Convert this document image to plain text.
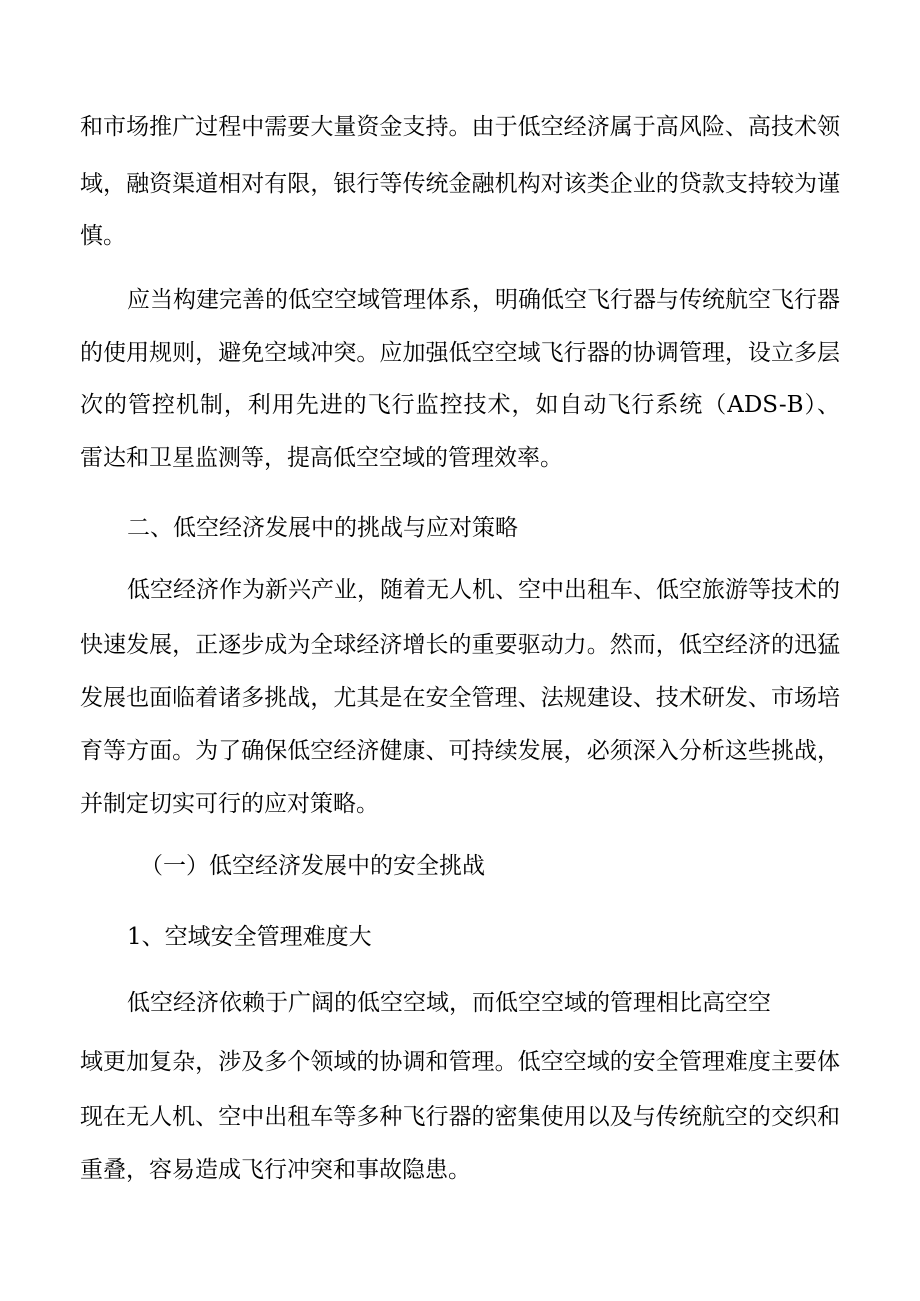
和市场推广过程中需要大量资金支持。由于低空经济属于高风险、高技术领
域，融资渠道相对有限，银行等传统金融机构对该类企业的贷款支持较为谨
慎。
应当构建完善的低空空域管理体系，明确低空飞行器与传统航空飞行器
的使用规则，避免空域冲突。应加强低空空域飞行器的协调管理，设立多层
次的管控机制，利用先进的飞行监控技术，如自动飞行系统（ADS-B）、
雷达和卫星监测等，提高低空空域的管理效率。
二、低空经济发展中的挑战与应对策略
低空经济作为新兴产业，随着无人机、空中出租车、低空旅游等技术的
快速发展，正逐步成为全球经济增长的重要驱动力。然而，低空经济的迅猛
发展也面临着诸多挑战，尤其是在安全管理、法规建设、技术研发、市场培
育等方面。为了确保低空经济健康、可持续发展，必须深入分析这些挑战，
并制定切实可行的应对策略。
（一）低空经济发展中的安全挑战
1、空域安全管理难度大
低空经济依赖于广阔的低空空域，而低空空域的管理相比高空空
域更加复杂，涉及多个领域的协调和管理。低空空域的安全管理难度主要体
现在无人机、空中出租车等多种飞行器的密集使用以及与传统航空的交织和
重叠，容易造成飞行冲突和事故隐患。
